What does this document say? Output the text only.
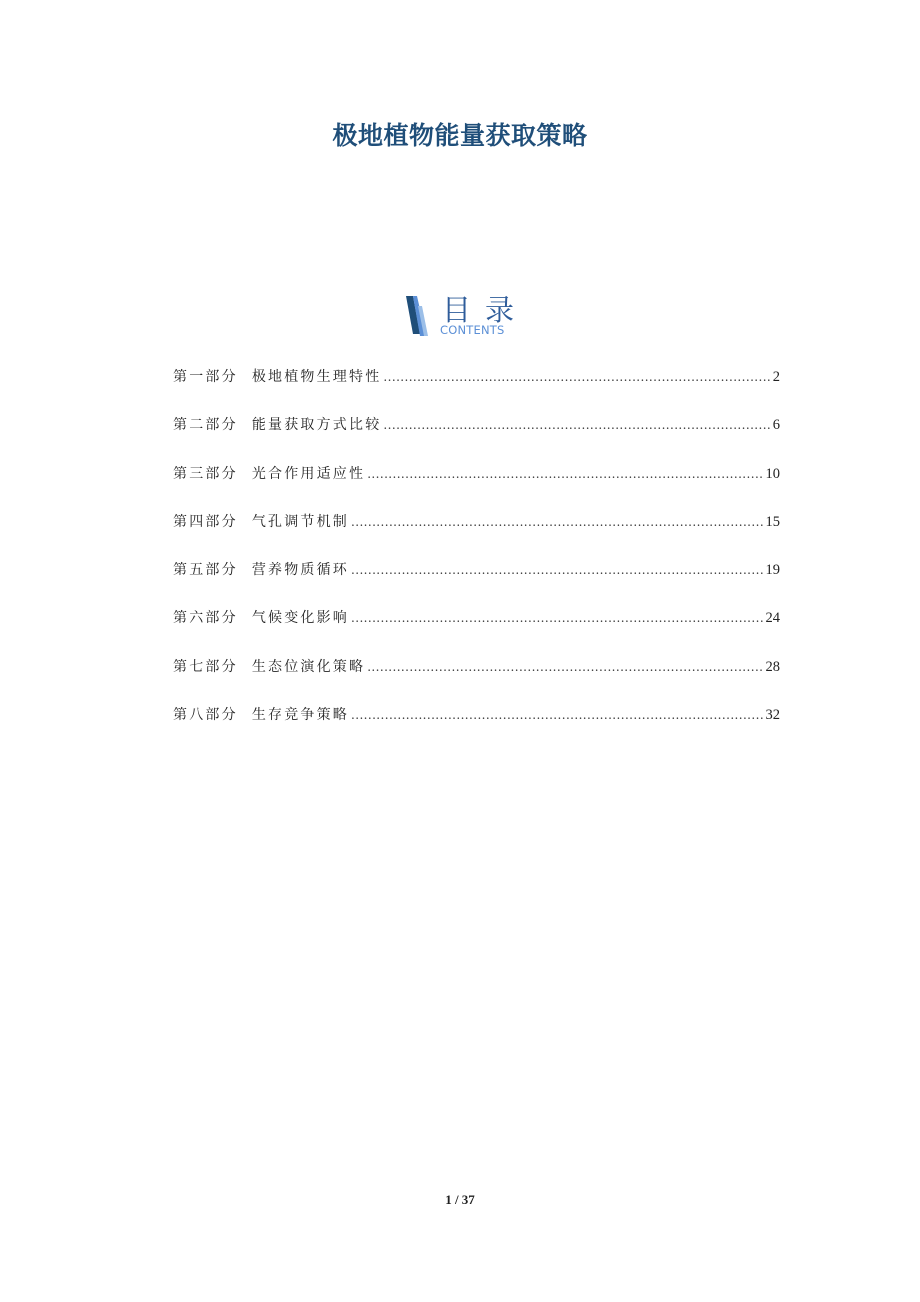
极地植物能量获取策略
目录
CONTENTS
第一部分 极地植物生理特性 .....	2
第二部分 能量获取方式比较 .....	6
第三部分 光合作用适应性 .....	10
第四部分 气孔调节机制 .....	15
第五部分 营养物质循环 .....	19
第六部分 气候变化影响 .....	24
第七部分 生态位演化策略 .....	28
第八部分 生存竞争策略 .....	32
1 / 37
